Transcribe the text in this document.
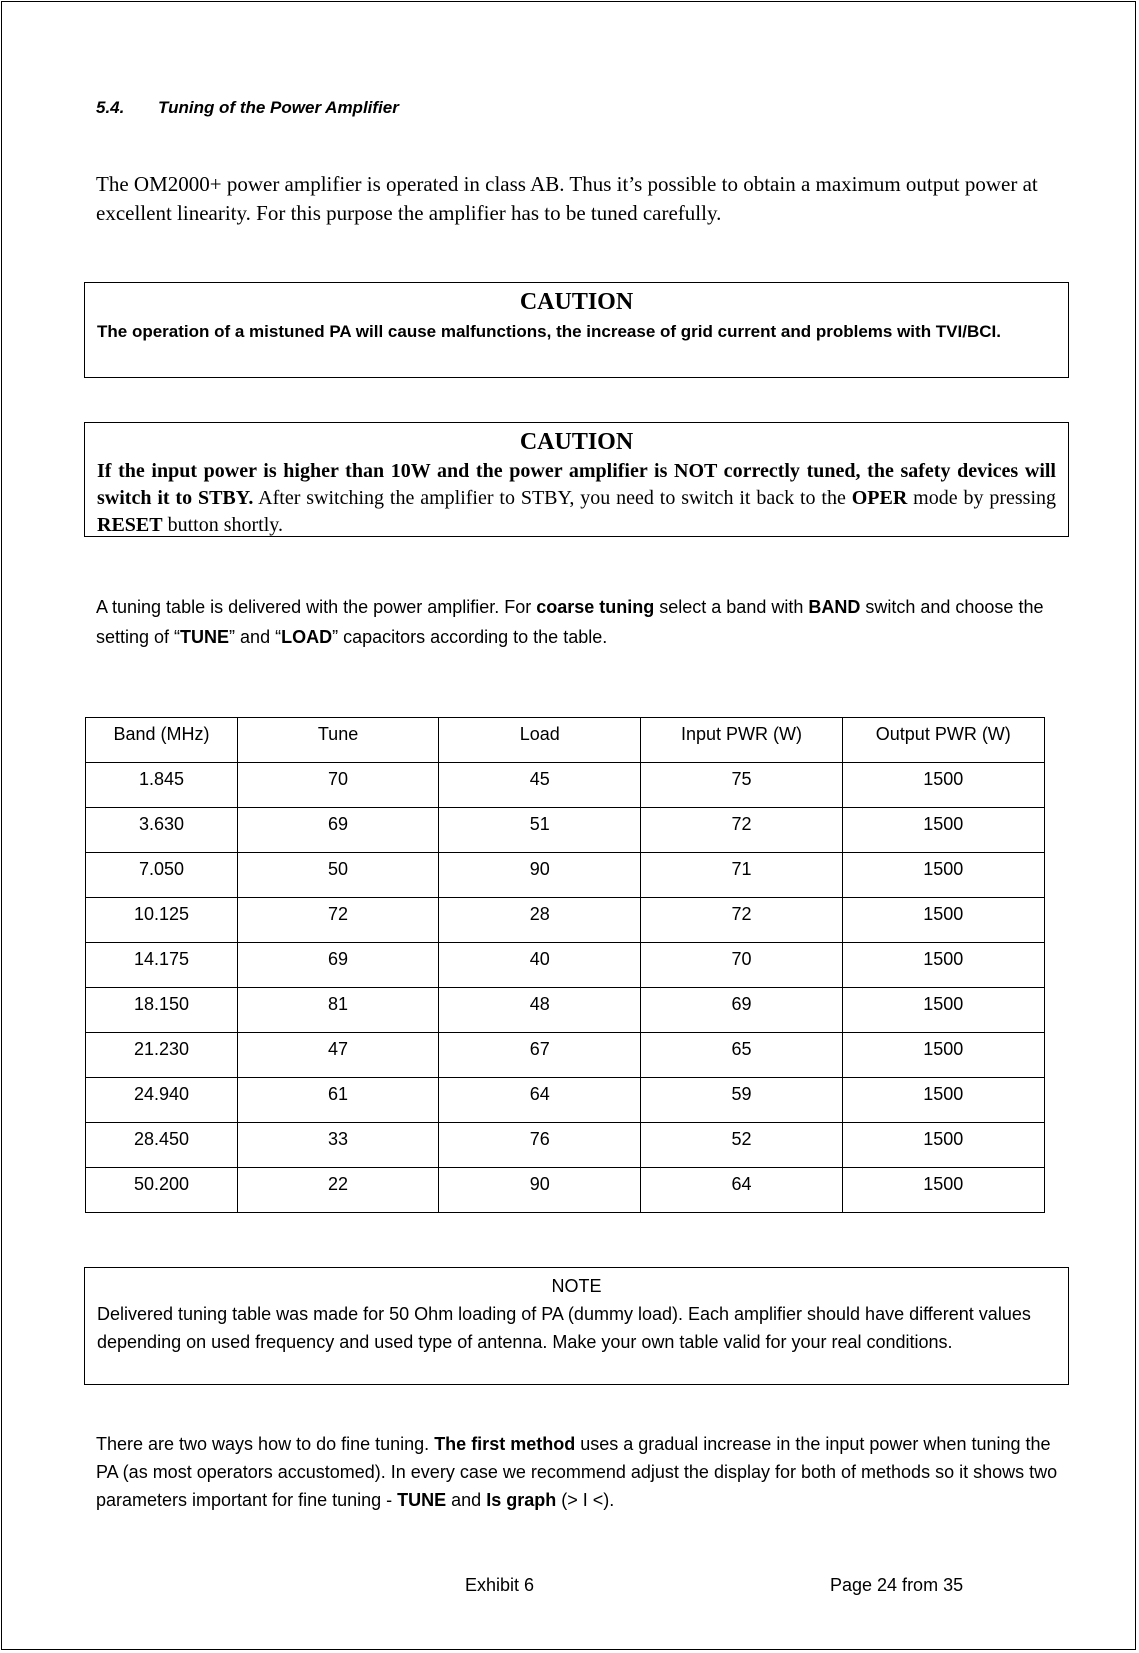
5.4. Tuning of the Power Amplifier
The OM2000+ power amplifier is operated in class AB. Thus it’s possible to obtain a maximum output power at excellent linearity. For this purpose the amplifier has to be tuned carefully.
CAUTION
The operation of a mistuned PA will cause malfunctions, the increase of grid current and problems with TVI/BCI.
CAUTION
If the input power is higher than 10W and the power amplifier is NOT correctly tuned, the safety devices will switch it to STBY. After switching the amplifier to STBY, you need to switch it back to the OPER mode by pressing RESET button shortly.
A tuning table is delivered with the power amplifier. For coarse tuning select a band with BAND switch and choose the setting of “TUNE” and “LOAD” capacitors according to the table.
Band (MHz)	Tune	Load	Input PWR (W)	Output PWR (W)
1.845	70	45	75	1500
3.630	69	51	72	1500
7.050	50	90	71	1500
10.125	72	28	72	1500
14.175	69	40	70	1500
18.150	81	48	69	1500
21.230	47	67	65	1500
24.940	61	64	59	1500
28.450	33	76	52	1500
50.200	22	90	64	1500
NOTE
Delivered tuning table was made for 50 Ohm loading of PA (dummy load). Each amplifier should have different values depending on used frequency and used type of antenna. Make your own table valid for your real conditions.
There are two ways how to do fine tuning. The first method uses a gradual increase in the input power when tuning the PA (as most operators accustomed). In every case we recommend adjust the display for both of methods so it shows two parameters important for fine tuning - TUNE and Is graph (> I <).
Exhibit 6	Page 24 from 35
